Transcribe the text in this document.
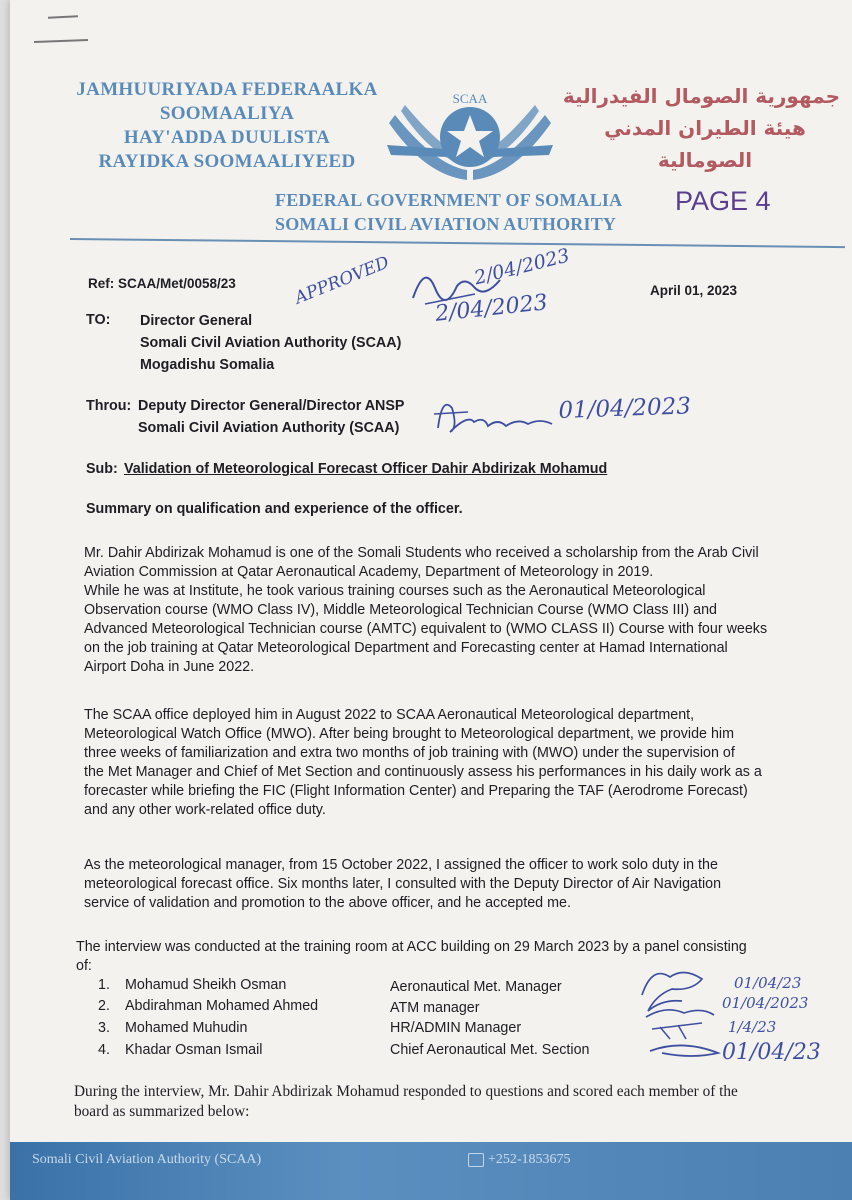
JAMHUURIYADA FEDERAALKA
SOOMAALIYA
HAY'ADDA DUULISTA
RAYIDKA SOOMAALIYEED
SCAA	جمهورية الصومال الفيدرالية
هيئة الطيران المدني
الصومالية
FEDERAL GOVERNMENT OF SOMALIA
SOMALI CIVIL AVIATION AUTHORITY
PAGE 4
Ref: SCAA/Met/0058/23	April 01, 2023
TO: Director General
Somali Civil Aviation Authority (SCAA)
Mogadishu Somalia
Throu: Deputy Director General/Director ANSP
Somali Civil Aviation Authority (SCAA)
Sub: Validation of Meteorological Forecast Officer Dahir Abdirizak Mohamud
Summary on qualification and experience of the officer.
Mr. Dahir Abdirizak Mohamud is one of the Somali Students who received a scholarship from the Arab Civil
Aviation Commission at Qatar Aeronautical Academy, Department of Meteorology in 2019.
While he was at Institute, he took various training courses such as the Aeronautical Meteorological
Observation course (WMO Class IV), Middle Meteorological Technician Course (WMO Class III) and
Advanced Meteorological Technician course (AMTC) equivalent to (WMO CLASS II) Course with four weeks
on the job training at Qatar Meteorological Department and Forecasting center at Hamad International
Airport Doha in June 2022.
The SCAA office deployed him in August 2022 to SCAA Aeronautical Meteorological department,
Meteorological Watch Office (MWO). After being brought to Meteorological department, we provide him
three weeks of familiarization and extra two months of job training with (MWO) under the supervision of
the Met Manager and Chief of Met Section and continuously assess his performances in his daily work as a
forecaster while briefing the FIC (Flight Information Center) and Preparing the TAF (Aerodrome Forecast)
and any other work-related office duty.
As the meteorological manager, from 15 October 2022, I assigned the officer to work solo duty in the
meteorological forecast office. Six months later, I consulted with the Deputy Director of Air Navigation
service of validation and promotion to the above officer, and he accepted me.
The interview was conducted at the training room at ACC building on 29 March 2023 by a panel consisting
of:
1. Mohamud Sheikh Osman	Aeronautical Met. Manager
2. Abdirahman Mohamed Ahmed	ATM manager
3. Mohamed Muhudin	HR/ADMIN Manager
4. Khadar Osman Ismail	Chief Aeronautical Met. Section
During the interview, Mr. Dahir Abdirizak Mohamud responded to questions and scored each member of the
board as summarized below:
APPROVED	2/04/2023
2/04/2023
01/04/2023
01/04/23
01/04/2023
1/4/23
01/04/23
Somali Civil Aviation Authority (SCAA)	+252-1853675
